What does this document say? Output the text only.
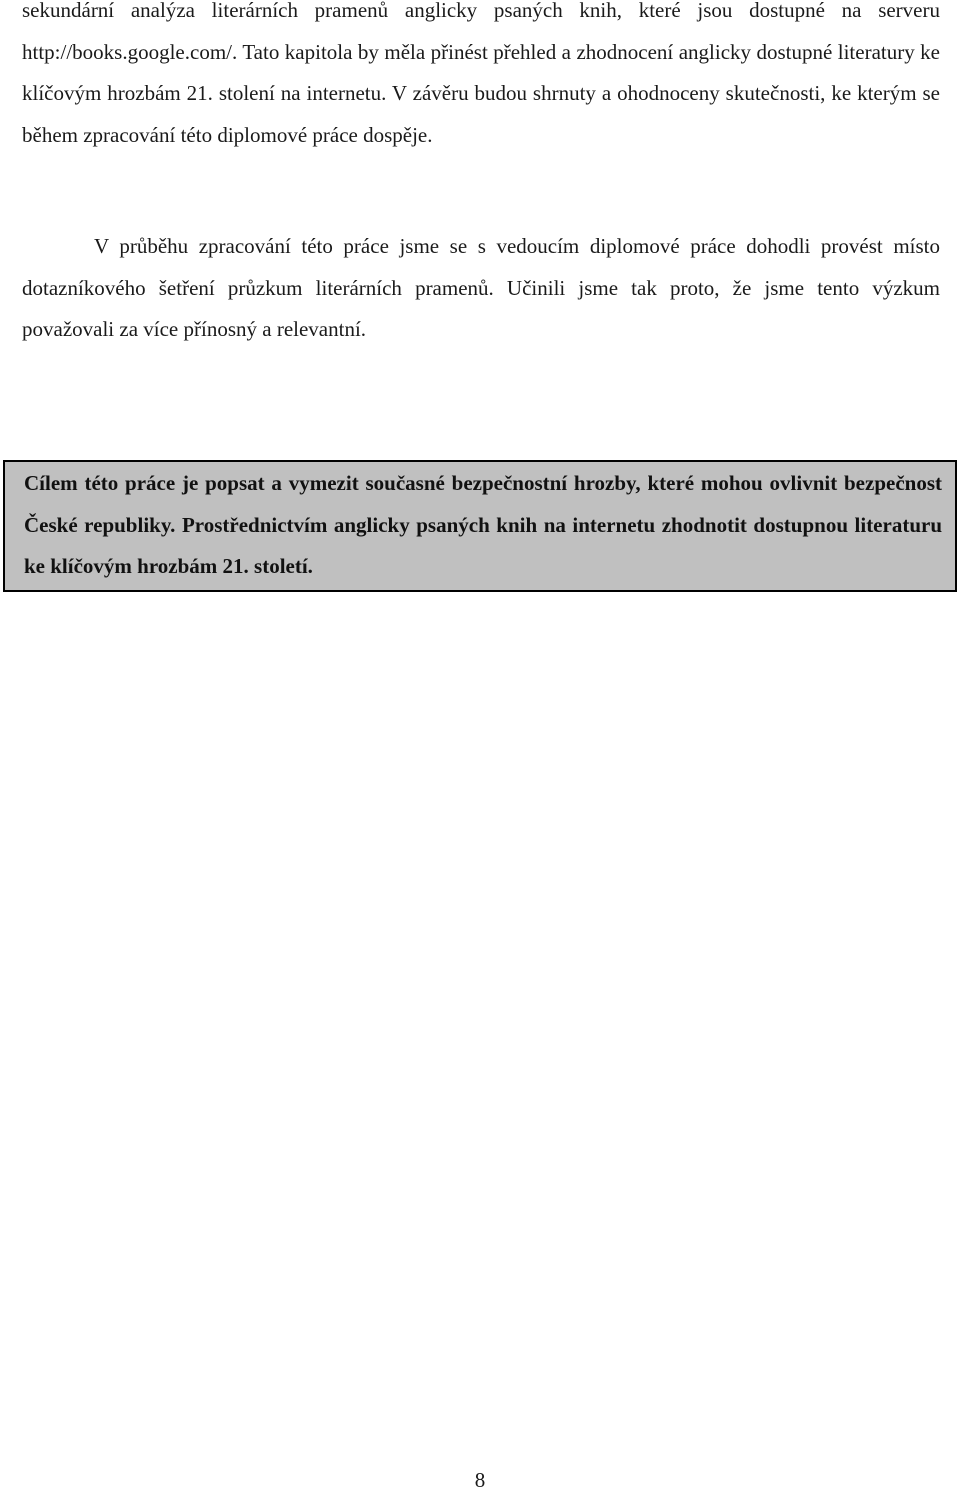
sekundární analýza literárních pramenů anglicky psaných knih, které jsou dostupné na serveru http://books.google.com/. Tato kapitola by měla přinést přehled a zhodnocení anglicky dostupné literatury ke klíčovým hrozbám 21. stolení na internetu. V závěru budou shrnuty a ohodnoceny skutečnosti, ke kterým se během zpracování této diplomové práce dospěje.

V průběhu zpracování této práce jsme se s vedoucím diplomové práce dohodli provést místo dotazníkového šetření průzkum literárních pramenů. Učinili jsme tak proto, že jsme tento výzkum považovali za více přínosný a relevantní.

Cílem této práce je popsat a vymezit současné bezpečnostní hrozby, které mohou ovlivnit bezpečnost České republiky. Prostřednictvím anglicky psaných knih na internetu zhodnotit dostupnou literaturu ke klíčovým hrozbám 21. století.

8
